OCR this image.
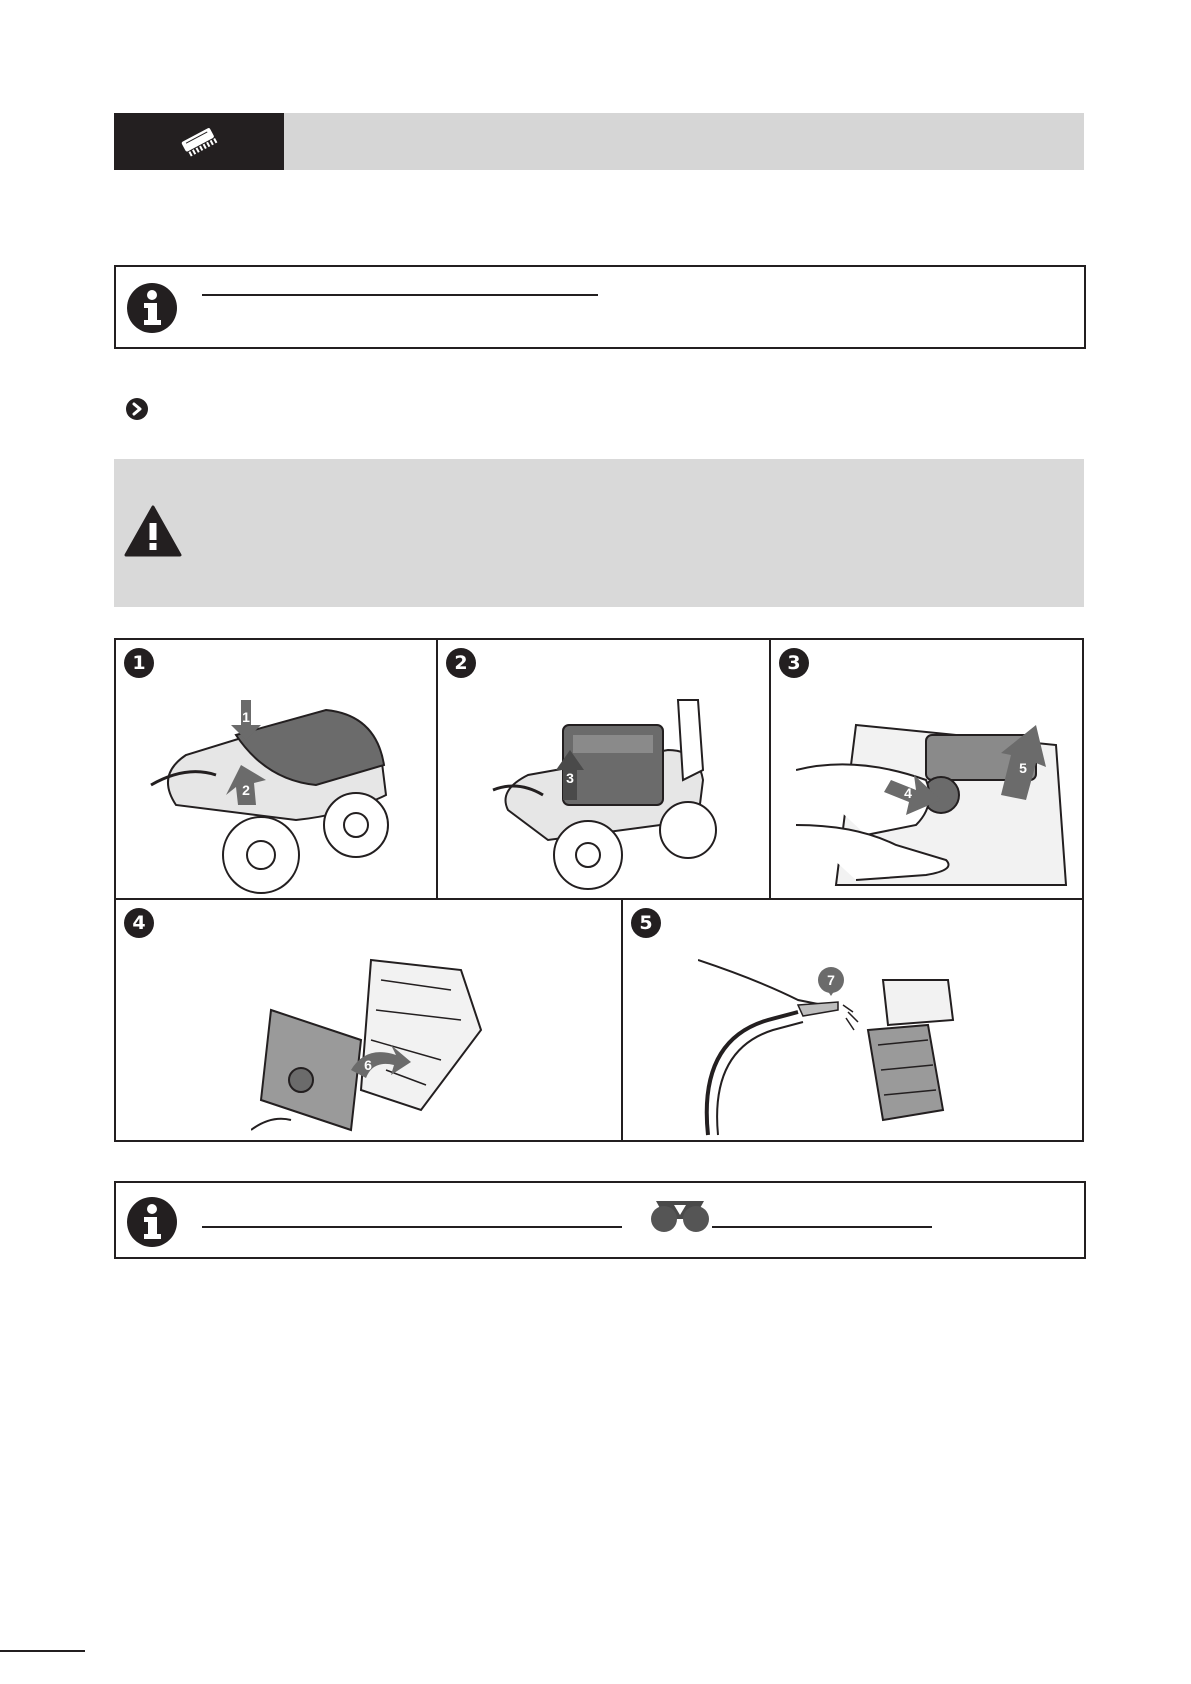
1
1
2
2
3
3
4
5
4
6
5
7
